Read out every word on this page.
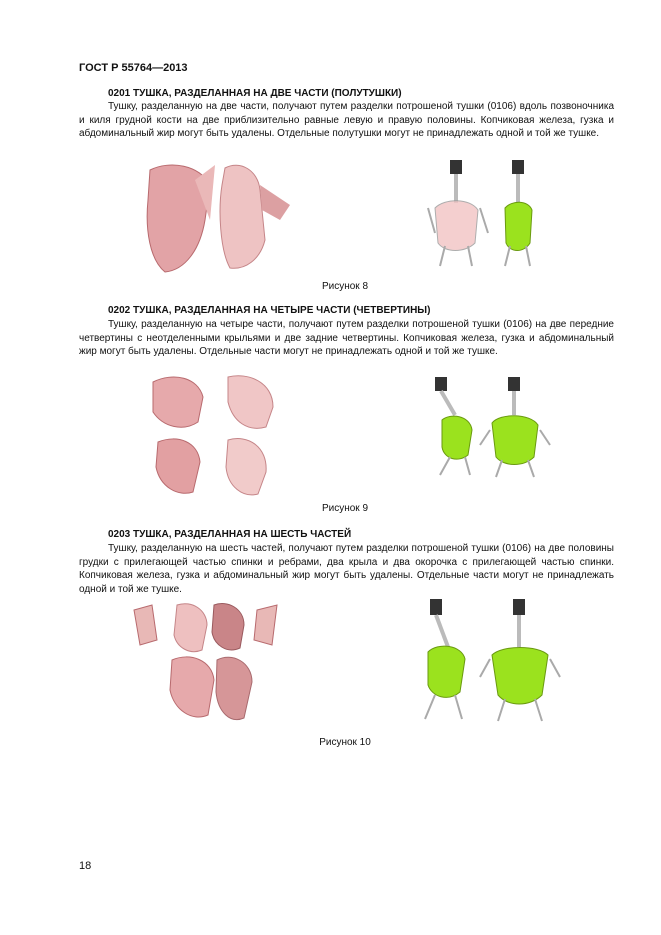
ГОСТ Р 55764—2013
0201 ТУШКА, РАЗДЕЛАННАЯ НА ДВЕ ЧАСТИ (ПОЛУТУШКИ)
Тушку, разделанную на две части, получают путем разделки потрошеной тушки (0106) вдоль позвоночника и киля грудной кости на две приблизительно равные левую и правую половины. Копчиковая железа, гузка и абдоминальный жир могут быть удалены. Отдельные полутушки могут не принадлежать одной и той же тушке.
Рисунок 8
0202 ТУШКА, РАЗДЕЛАННАЯ НА ЧЕТЫРЕ ЧАСТИ (ЧЕТВЕРТИНЫ)
Тушку, разделанную на четыре части, получают путем разделки потрошеной тушки (0106) на две передние четвертины с неотделенными крыльями и две задние четвертины. Копчиковая железа, гузка и абдоминальный жир могут быть удалены. Отдельные части могут не принадлежать одной и той же тушке.
Рисунок 9
0203 ТУШКА, РАЗДЕЛАННАЯ НА ШЕСТЬ ЧАСТЕЙ
Тушку, разделанную на шесть частей, получают путем разделки потрошеной тушки (0106) на две половины грудки с прилегающей частью спинки и ребрами, два крыла и два окорочка с прилегающей частью спинки. Копчиковая железа, гузка и абдоминальный жир могут быть удалены. Отдельные части могут не принадлежать одной и той же тушке.
Рисунок 10
18
